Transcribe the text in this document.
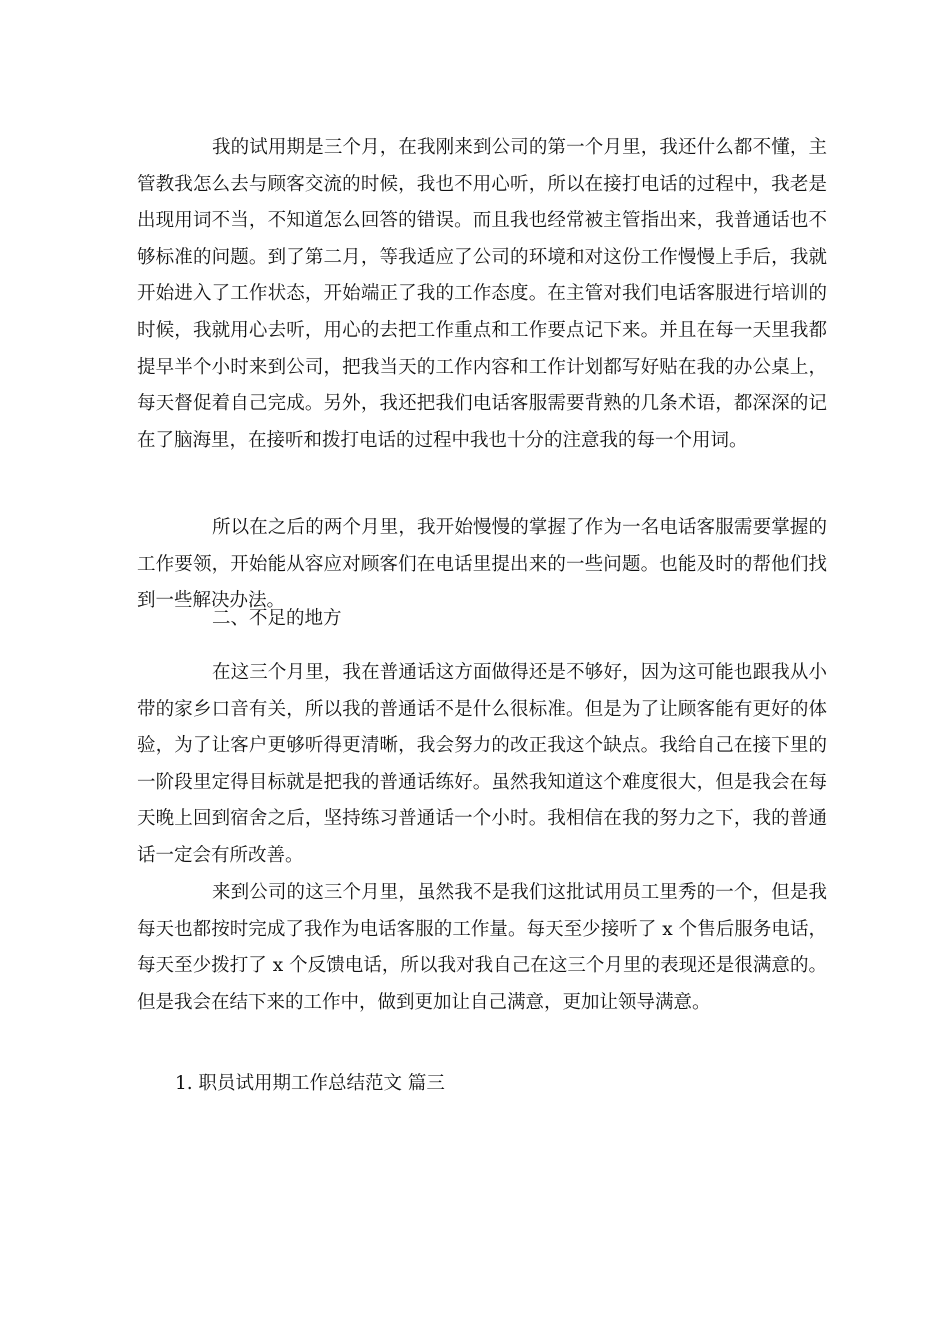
我的试用期是三个月，在我刚来到公司的第一个月里，我还什么都不懂，主管教我怎么去与顾客交流的时候，我也不用心听，所以在接打电话的过程中，我老是出现用词不当，不知道怎么回答的错误。而且我也经常被主管指出来，我普通话也不够标准的问题。到了第二月，等我适应了公司的环境和对这份工作慢慢上手后，我就开始进入了工作状态，开始端正了我的工作态度。在主管对我们电话客服进行培训的时候，我就用心去听，用心的去把工作重点和工作要点记下来。并且在每一天里我都提早半个小时来到公司，把我当天的工作内容和工作计划都写好贴在我的办公桌上，每天督促着自己完成。另外，我还把我们电话客服需要背熟的几条术语，都深深的记在了脑海里，在接听和拨打电话的过程中我也十分的注意我的每一个用词。

所以在之后的两个月里，我开始慢慢的掌握了作为一名电话客服需要掌握的工作要领，开始能从容应对顾客们在电话里提出来的一些问题。也能及时的帮他们找到一些解决办法。

二、不足的地方

在这三个月里，我在普通话这方面做得还是不够好，因为这可能也跟我从小带的家乡口音有关，所以我的普通话不是什么很标准。但是为了让顾客能有更好的体验，为了让客户更够听得更清晰，我会努力的改正我这个缺点。我给自己在接下里的一阶段里定得目标就是把我的普通话练好。虽然我知道这个难度很大，但是我会在每天晚上回到宿舍之后，坚持练习普通话一个小时。我相信在我的努力之下，我的普通话一定会有所改善。

来到公司的这三个月里，虽然我不是我们这批试用员工里秀的一个，但是我每天也都按时完成了我作为电话客服的工作量。每天至少接听了 x 个售后服务电话，每天至少拨打了 x 个反馈电话，所以我对我自己在这三个月里的表现还是很满意的。但是我会在结下来的工作中，做到更加让自己满意，更加让领导满意。

1. 职员试用期工作总结范文 篇三
